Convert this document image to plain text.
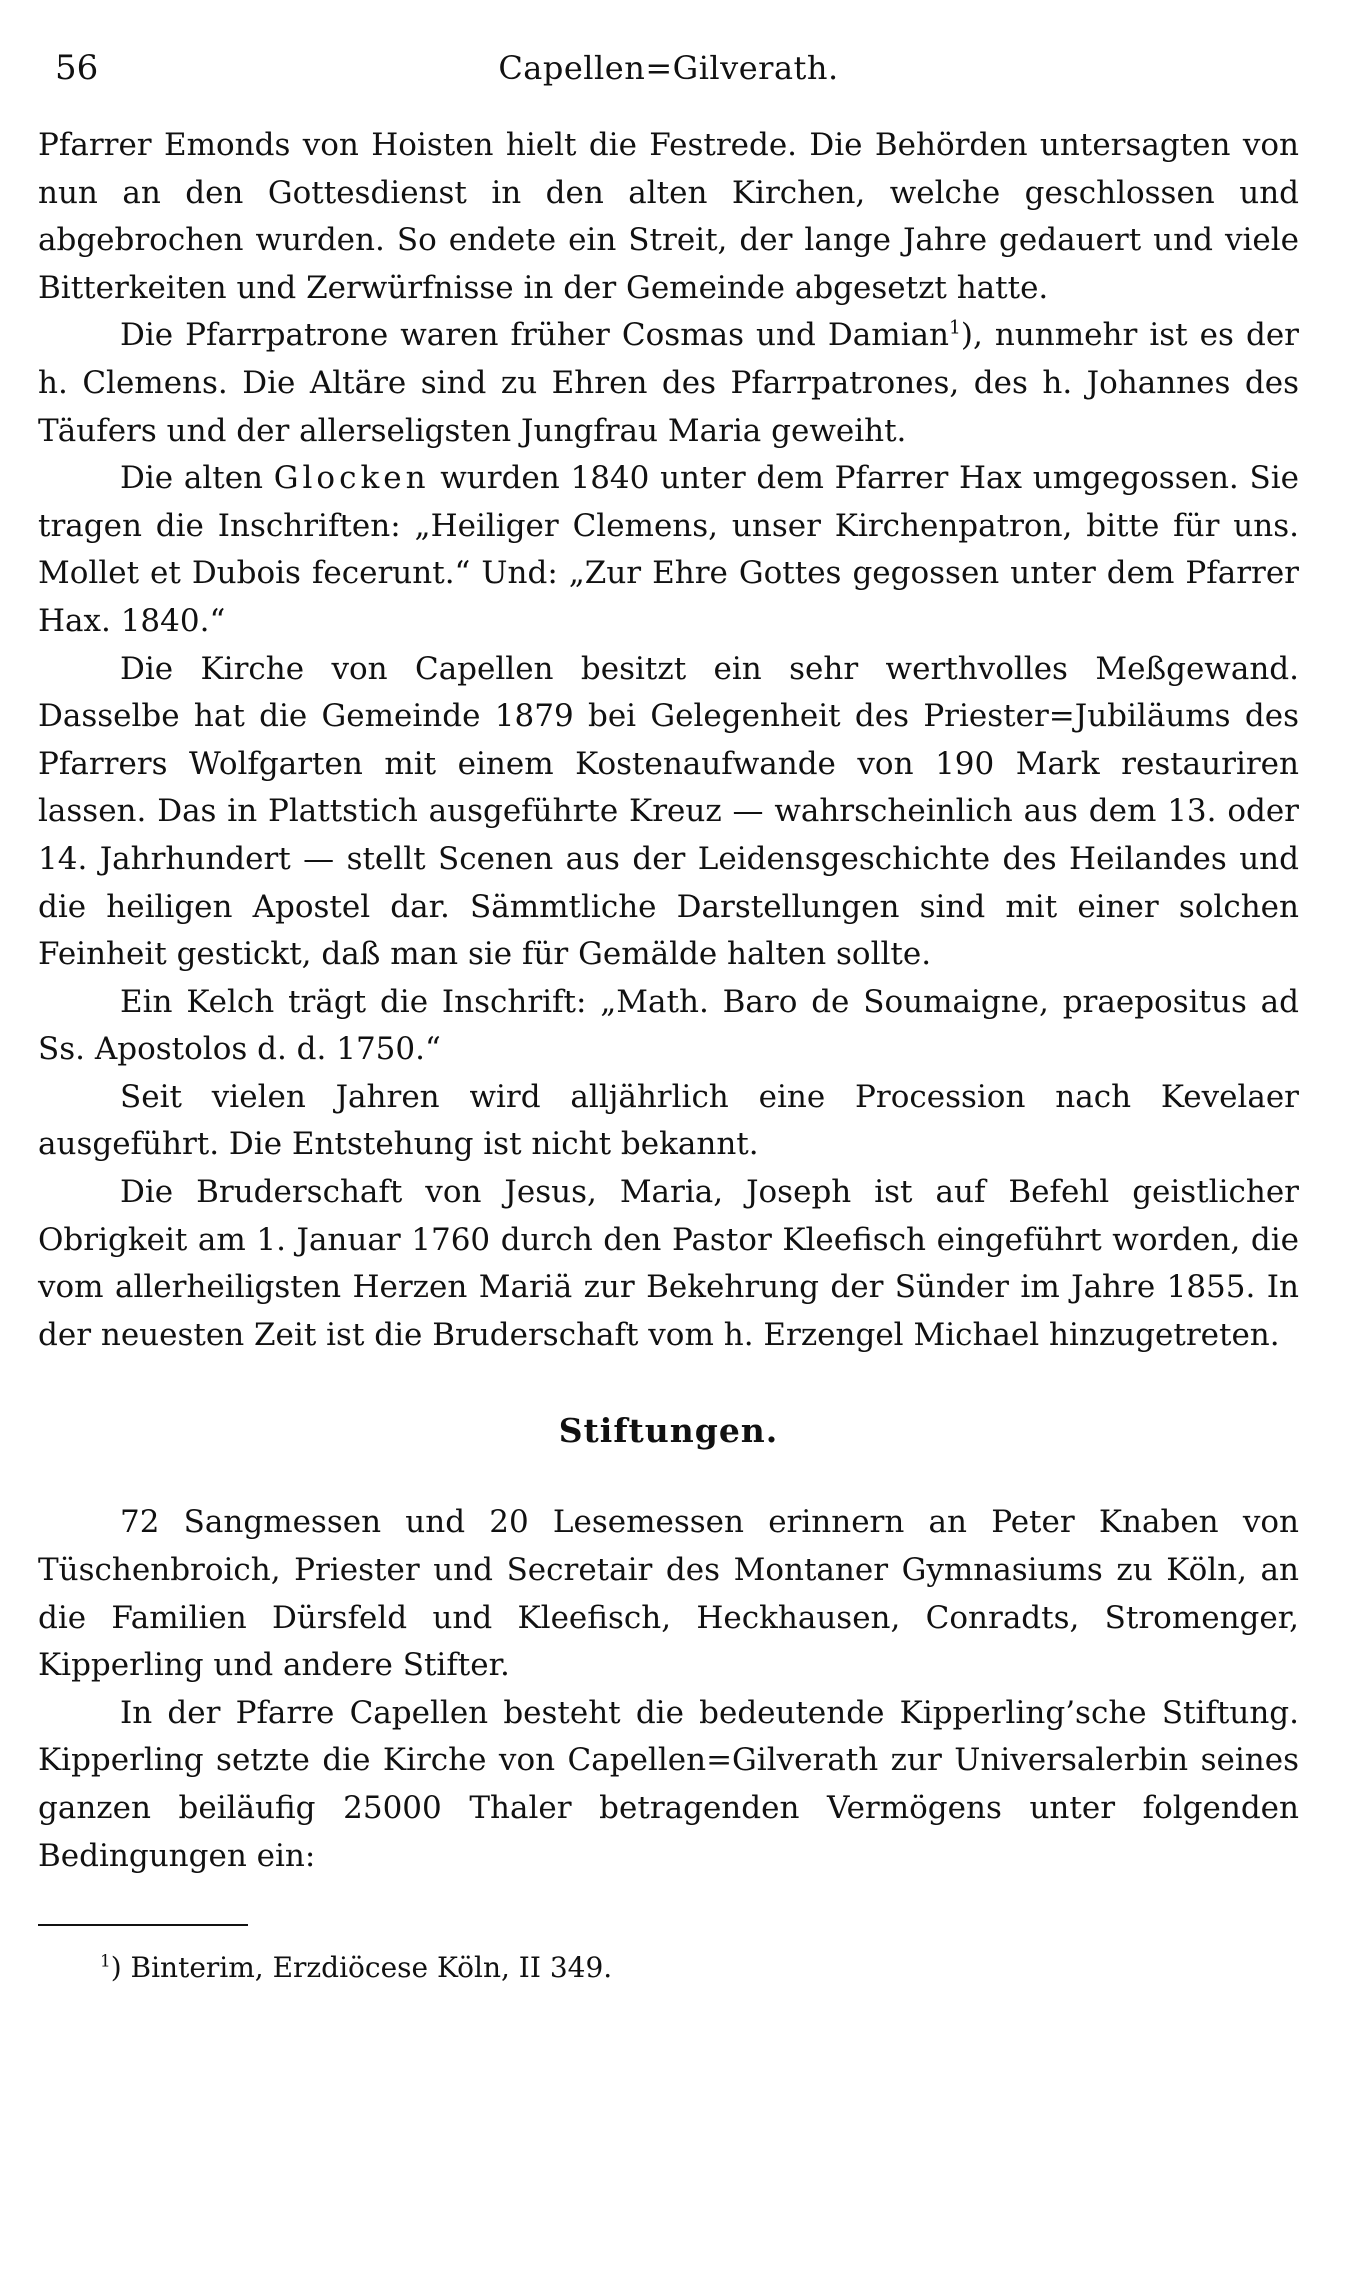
56	Capellen=Gilverath.

Pfarrer Emonds von Hoisten hielt die Festrede. Die Behörden untersagten von nun an den Gottesdienst in den alten Kirchen, welche geschlossen und abgebrochen wurden. So endete ein Streit, der lange Jahre gedauert und viele Bitterkeiten und Zerwürfnisse in der Gemeinde abgesetzt hatte.

Die Pfarrpatrone waren früher Cosmas und Damian$^1$), nunmehr ist es der h. Clemens. Die Altäre sind zu Ehren des Pfarrpatrones, des h. Johannes des Täufers und der allerseligsten Jungfrau Maria geweiht.

Die alten Glocken wurden 1840 unter dem Pfarrer Hax umgegossen. Sie tragen die Inschriften: „Heiliger Clemens, unser Kirchenpatron, bitte für uns. Mollet et Dubois fecerunt.“ Und: „Zur Ehre Gottes gegossen unter dem Pfarrer Hax. 1840.“

Die Kirche von Capellen besitzt ein sehr werthvolles Meßgewand. Dasselbe hat die Gemeinde 1879 bei Gelegenheit des Priester=Jubiläums des Pfarrers Wolfgarten mit einem Kostenaufwande von 190 Mark restauriren lassen. Das in Plattstich ausgeführte Kreuz — wahrscheinlich aus dem 13. oder 14. Jahrhundert — stellt Scenen aus der Leidensgeschichte des Heilandes und die heiligen Apostel dar. Sämmtliche Darstellungen sind mit einer solchen Feinheit gestickt, daß man sie für Gemälde halten sollte.

Ein Kelch trägt die Inschrift: „Math. Baro de Soumaigne, praepositus ad Ss. Apostolos d. d. 1750.“

Seit vielen Jahren wird alljährlich eine Procession nach Kevelaer ausgeführt. Die Entstehung ist nicht bekannt.

Die Bruderschaft von Jesus, Maria, Joseph ist auf Befehl geistlicher Obrigkeit am 1. Januar 1760 durch den Pastor Kleefisch eingeführt worden, die vom allerheiligsten Herzen Mariä zur Bekehrung der Sünder im Jahre 1855. In der neuesten Zeit ist die Bruderschaft vom h. Erzengel Michael hinzugetreten.

Stiftungen.

72 Sangmessen und 20 Lesemessen erinnern an Peter Knaben von Tüschenbroich, Priester und Secretair des Montaner Gymnasiums zu Köln, an die Familien Dürsfeld und Kleefisch, Heckhausen, Conradts, Stromenger, Kipperling und andere Stifter.

In der Pfarre Capellen besteht die bedeutende Kipperling’sche Stiftung. Kipperling setzte die Kirche von Capellen=Gilverath zur Universalerbin seines ganzen beiläufig 25000 Thaler betragenden Vermögens unter folgenden Bedingungen ein:

$^1$) Binterim, Erzdiöcese Köln, II 349.
